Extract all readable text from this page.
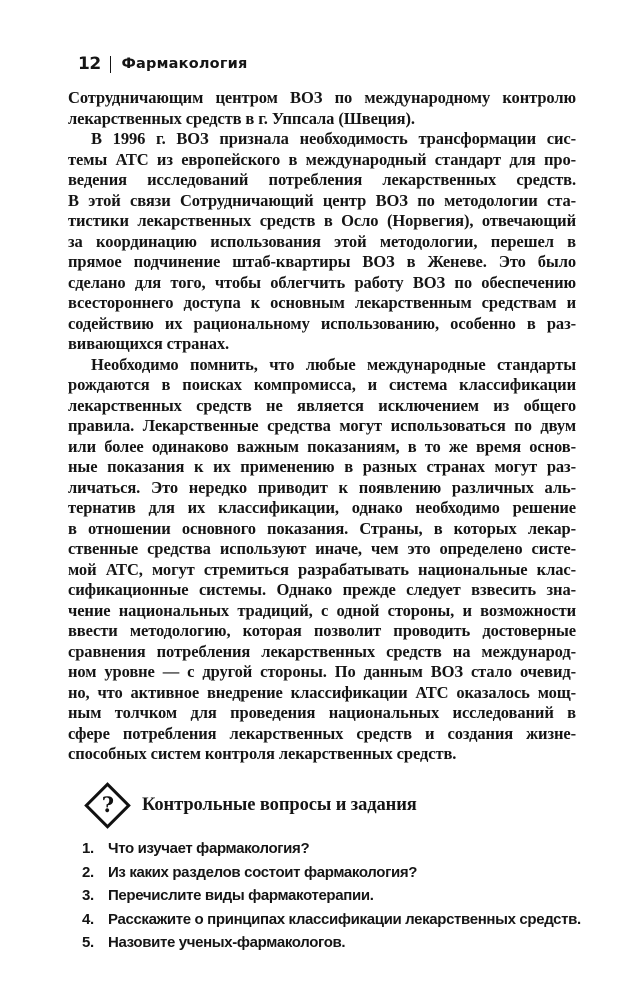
12 Фармакология
Сотрудничающим центром ВОЗ по международному контролю
лекарственных средств в г. Уппсала (Швеция).
В 1996 г. ВОЗ признала необходимость трансформации сис-
темы АТС из европейского в международный стандарт для про-
ведения исследований потребления лекарственных средств.
В этой связи Сотрудничающий центр ВОЗ по методологии ста-
тистики лекарственных средств в Осло (Норвегия), отвечающий
за координацию использования этой методологии, перешел в
прямое подчинение штаб-квартиры ВОЗ в Женеве. Это было
сделано для того, чтобы облегчить работу ВОЗ по обеспечению
всестороннего доступа к основным лекарственным средствам и
содействию их рациональному использованию, особенно в раз-
вивающихся странах.
Необходимо помнить, что любые международные стандарты
рождаются в поисках компромисса, и система классификации
лекарственных средств не является исключением из общего
правила. Лекарственные средства могут использоваться по двум
или более одинаково важным показаниям, в то же время основ-
ные показания к их применению в разных странах могут раз-
личаться. Это нередко приводит к появлению различных аль-
тернатив для их классификации, однако необходимо решение
в отношении основного показания. Страны, в которых лекар-
ственные средства используют иначе, чем это определено систе-
мой АТС, могут стремиться разрабатывать национальные клас-
сификационные системы. Однако прежде следует взвесить зна-
чение национальных традиций, с одной стороны, и возможности
ввести методологию, которая позволит проводить достоверные
сравнения потребления лекарственных средств на международ-
ном уровне — с другой стороны. По данным ВОЗ стало очевид-
но, что активное внедрение классификации АТС оказалось мощ-
ным толчком для проведения национальных исследований в
сфере потребления лекарственных средств и создания жизне-
способных систем контроля лекарственных средств.
? Контрольные вопросы и задания
1. Что изучает фармакология?
2. Из каких разделов состоит фармакология?
3. Перечислите виды фармакотерапии.
4. Расскажите о принципах классификации лекарственных средств.
5. Назовите ученых-фармакологов.
